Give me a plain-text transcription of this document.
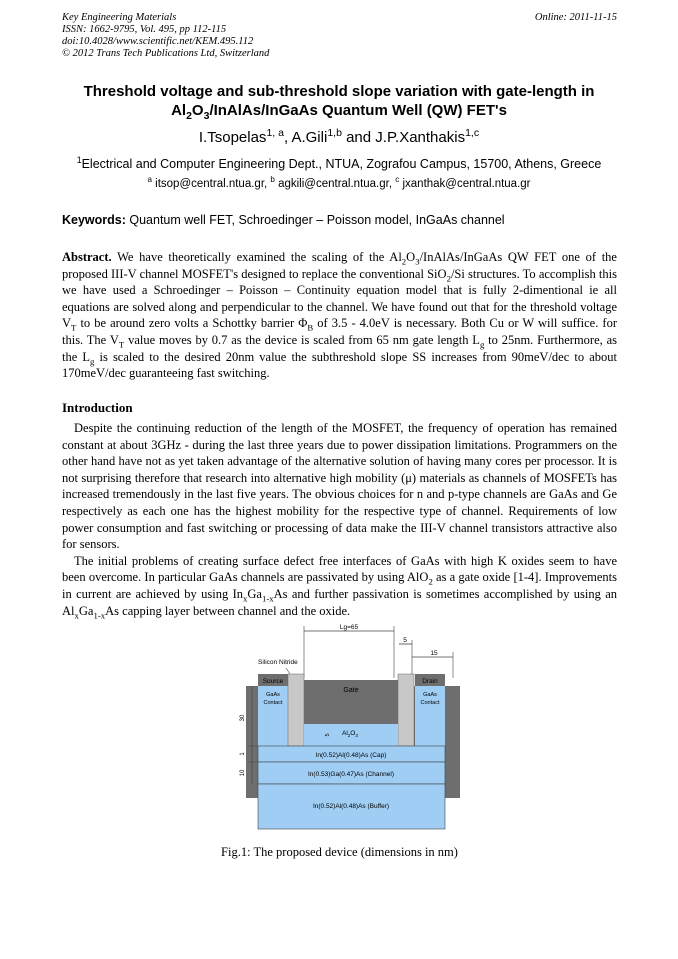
Key Engineering Materials
ISSN: 1662-9795, Vol. 495, pp 112-115
doi:10.4028/www.scientific.net/KEM.495.112
© 2012 Trans Tech Publications Ltd, Switzerland
Online: 2011-11-15
Threshold voltage and sub-threshold slope variation with gate-length in
$Al_2O_3/InAlAs$/InGaAs Quantum Well (QW) FET's
I.Tsopelas$^{1, a}$, A.Gili$^{1,b}$ and J.P.Xanthakis$^{1,c}$
$^1$Electrical and Computer Engineering Dept., NTUA, Zografou Campus, 15700, Athens, Greece
$^a$ itsop@central.ntua.gr, $^b$ agkili@central.ntua.gr, $^c$ jxanthak@central.ntua.gr
Keywords: Quantum well FET, Schroedinger – Poisson model, InGaAs channel
Abstract. We have theoretically examined the scaling of the $Al_2O_3/InAlAs$/InGaAs QW FET one of the proposed III-V channel MOSFET's designed to replace the conventional SiO$_2$/Si structures. To accomplish this we have used a Schroedinger – Poisson – Continuity equation model that is fully 2-dimentional ie all equations are solved along and perpendicular to the channel. We have found out that for the threshold voltage $V_T$ to be around zero volts a Schottky barrier $\Phi_B$ of 3.5 - 4.0eV is necessary. Both Cu or W will suffice. for this. The $V_T$ value moves by 0.7 as the device is scaled from 65 nm gate length $L_g$ to 25nm. Furthermore, as the $L_g$ is scaled to the desired 20nm value the subthreshold slope SS increases from 90meV/dec to about 170meV/dec guaranteeing fast switching.
Introduction

Despite the continuing reduction of the length of the MOSFET, the frequency of operation has remained constant at about 3GHz - during the last three years due to power dissipation limitations. Programmers on the other hand have not as yet taken advantage of the alternative solution of having many cores per processor. It is not surprising therefore that research into alternative high mobility (μ) materials as channels of MOSFETs has increased tremendously in the last five years. The obvious choices for n and p-type channels are GaAs and Ge respectively as each one has the highest mobility for the respective type of channel. Requirements of low power consumption and fast switching or processing of data make the III-V channel transistors attractive also for sensors.

The initial problems of creating surface defect free interfaces of GaAs with high K oxides seem to have been overcome. In particular GaAs channels are passivated by using AlO$_2$ as a gate oxide [1-4]. Improvements in current are achieved by using $In_xGa_{1-x}As$ and further passivation is sometimes accomplished by using an $Al_xGa_{1-x}As$ capping layer between channel and the oxide.

Lg=65
5
15
Silicon Nitride
Source
GaAs
Contact
Drain
GaAs
Contact
Gate
$Al_2O_3$
5
In(0.52)Al(0.48)As (Cap)
In(0.53)Ga(0.47)As (Channel)
In(0.52)Al(0.48)As (Buffer)
30
1
10
Fig.1: The proposed device (dimensions in nm)
